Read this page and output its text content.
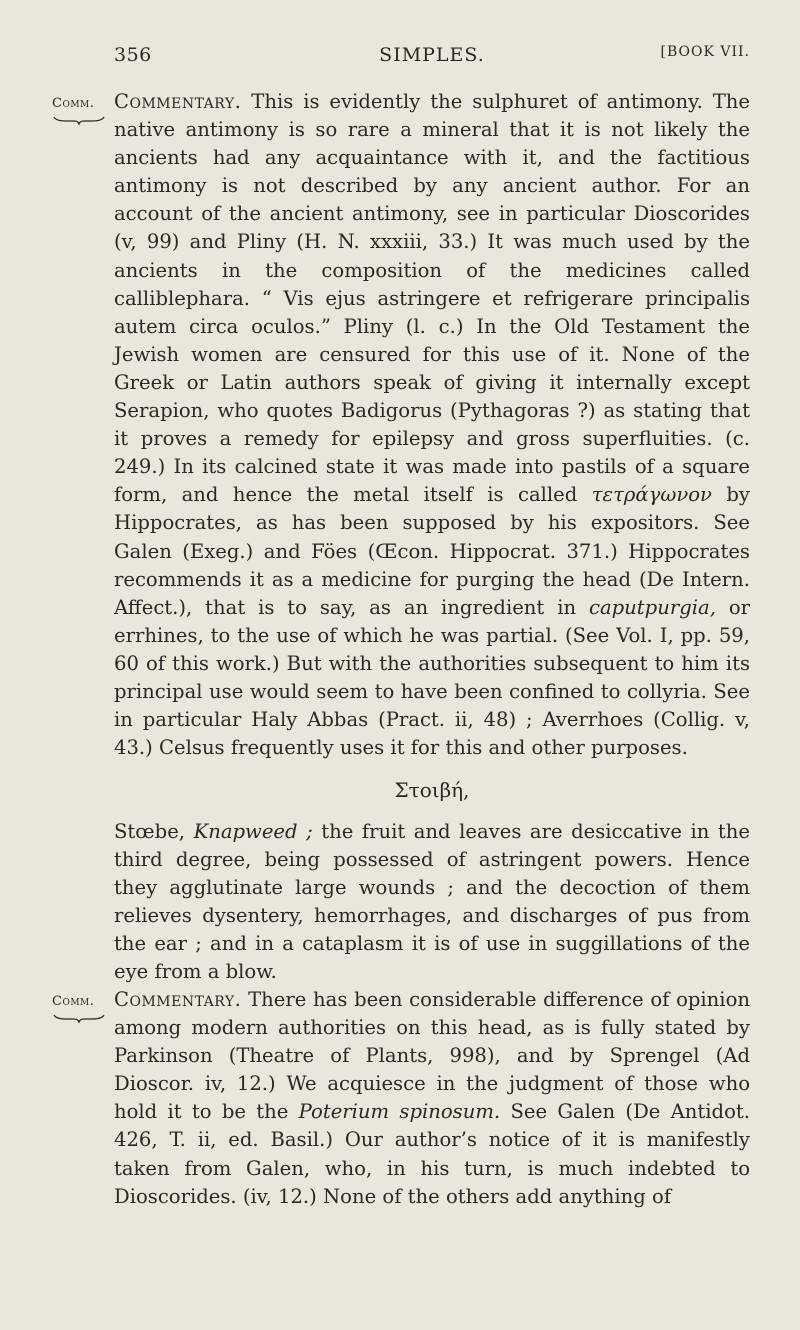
356	SIMPLES.	[BOOK VII.
Comm.	Commentary. This is evidently the sulphuret of antimony. The native antimony is so rare a mineral that it is not likely the ancients had any acquaintance with it, and the factitious antimony is not described by any ancient author. For an account of the ancient antimony, see in particular Dioscorides (v, 99) and Pliny (H. N. xxxiii, 33.) It was much used by the ancients in the composition of the medicines called calliblephara. “ Vis ejus astringere et refrigerare principalis autem circa oculos.” Pliny (l. c.) In the Old Testament the Jewish women are censured for this use of it. None of the Greek or Latin authors speak of giving it internally except Serapion, who quotes Badigorus (Pythagoras ?) as stating that it proves a remedy for epilepsy and gross superfluities. (c. 249.) In its calcined state it was made into pastils of a square form, and hence the metal itself is called τετράγωνον by Hippocrates, as has been supposed by his expositors. See Galen (Exeg.) and Föes (Œcon. Hippocrat. 371.) Hippocrates recommends it as a medicine for purging the head (De Intern. Affect.), that is to say, as an ingredient in caputpurgia, or errhines, to the use of which he was partial. (See Vol. I, pp. 59, 60 of this work.) But with the authorities subsequent to him its principal use would seem to have been confined to collyria. See in particular Haly Abbas (Pract. ii, 48) ; Averrhoes (Collig. v, 43.) Celsus frequently uses it for this and other purposes.

Στοιβή,

Stœbe, Knapweed ; the fruit and leaves are desiccative in the third degree, being possessed of astringent powers. Hence they agglutinate large wounds ; and the decoction of them relieves dysentery, hemorrhages, and discharges of pus from the ear ; and in a cataplasm it is of use in suggillations of the eye from a blow.

Comm.	Commentary. There has been considerable difference of opinion among modern authorities on this head, as is fully stated by Parkinson (Theatre of Plants, 998), and by Sprengel (Ad Dioscor. iv, 12.) We acquiesce in the judgment of those who hold it to be the Poterium spinosum. See Galen (De Antidot. 426, T. ii, ed. Basil.) Our author’s notice of it is manifestly taken from Galen, who, in his turn, is much indebted to Dioscorides. (iv, 12.) None of the others add anything of
